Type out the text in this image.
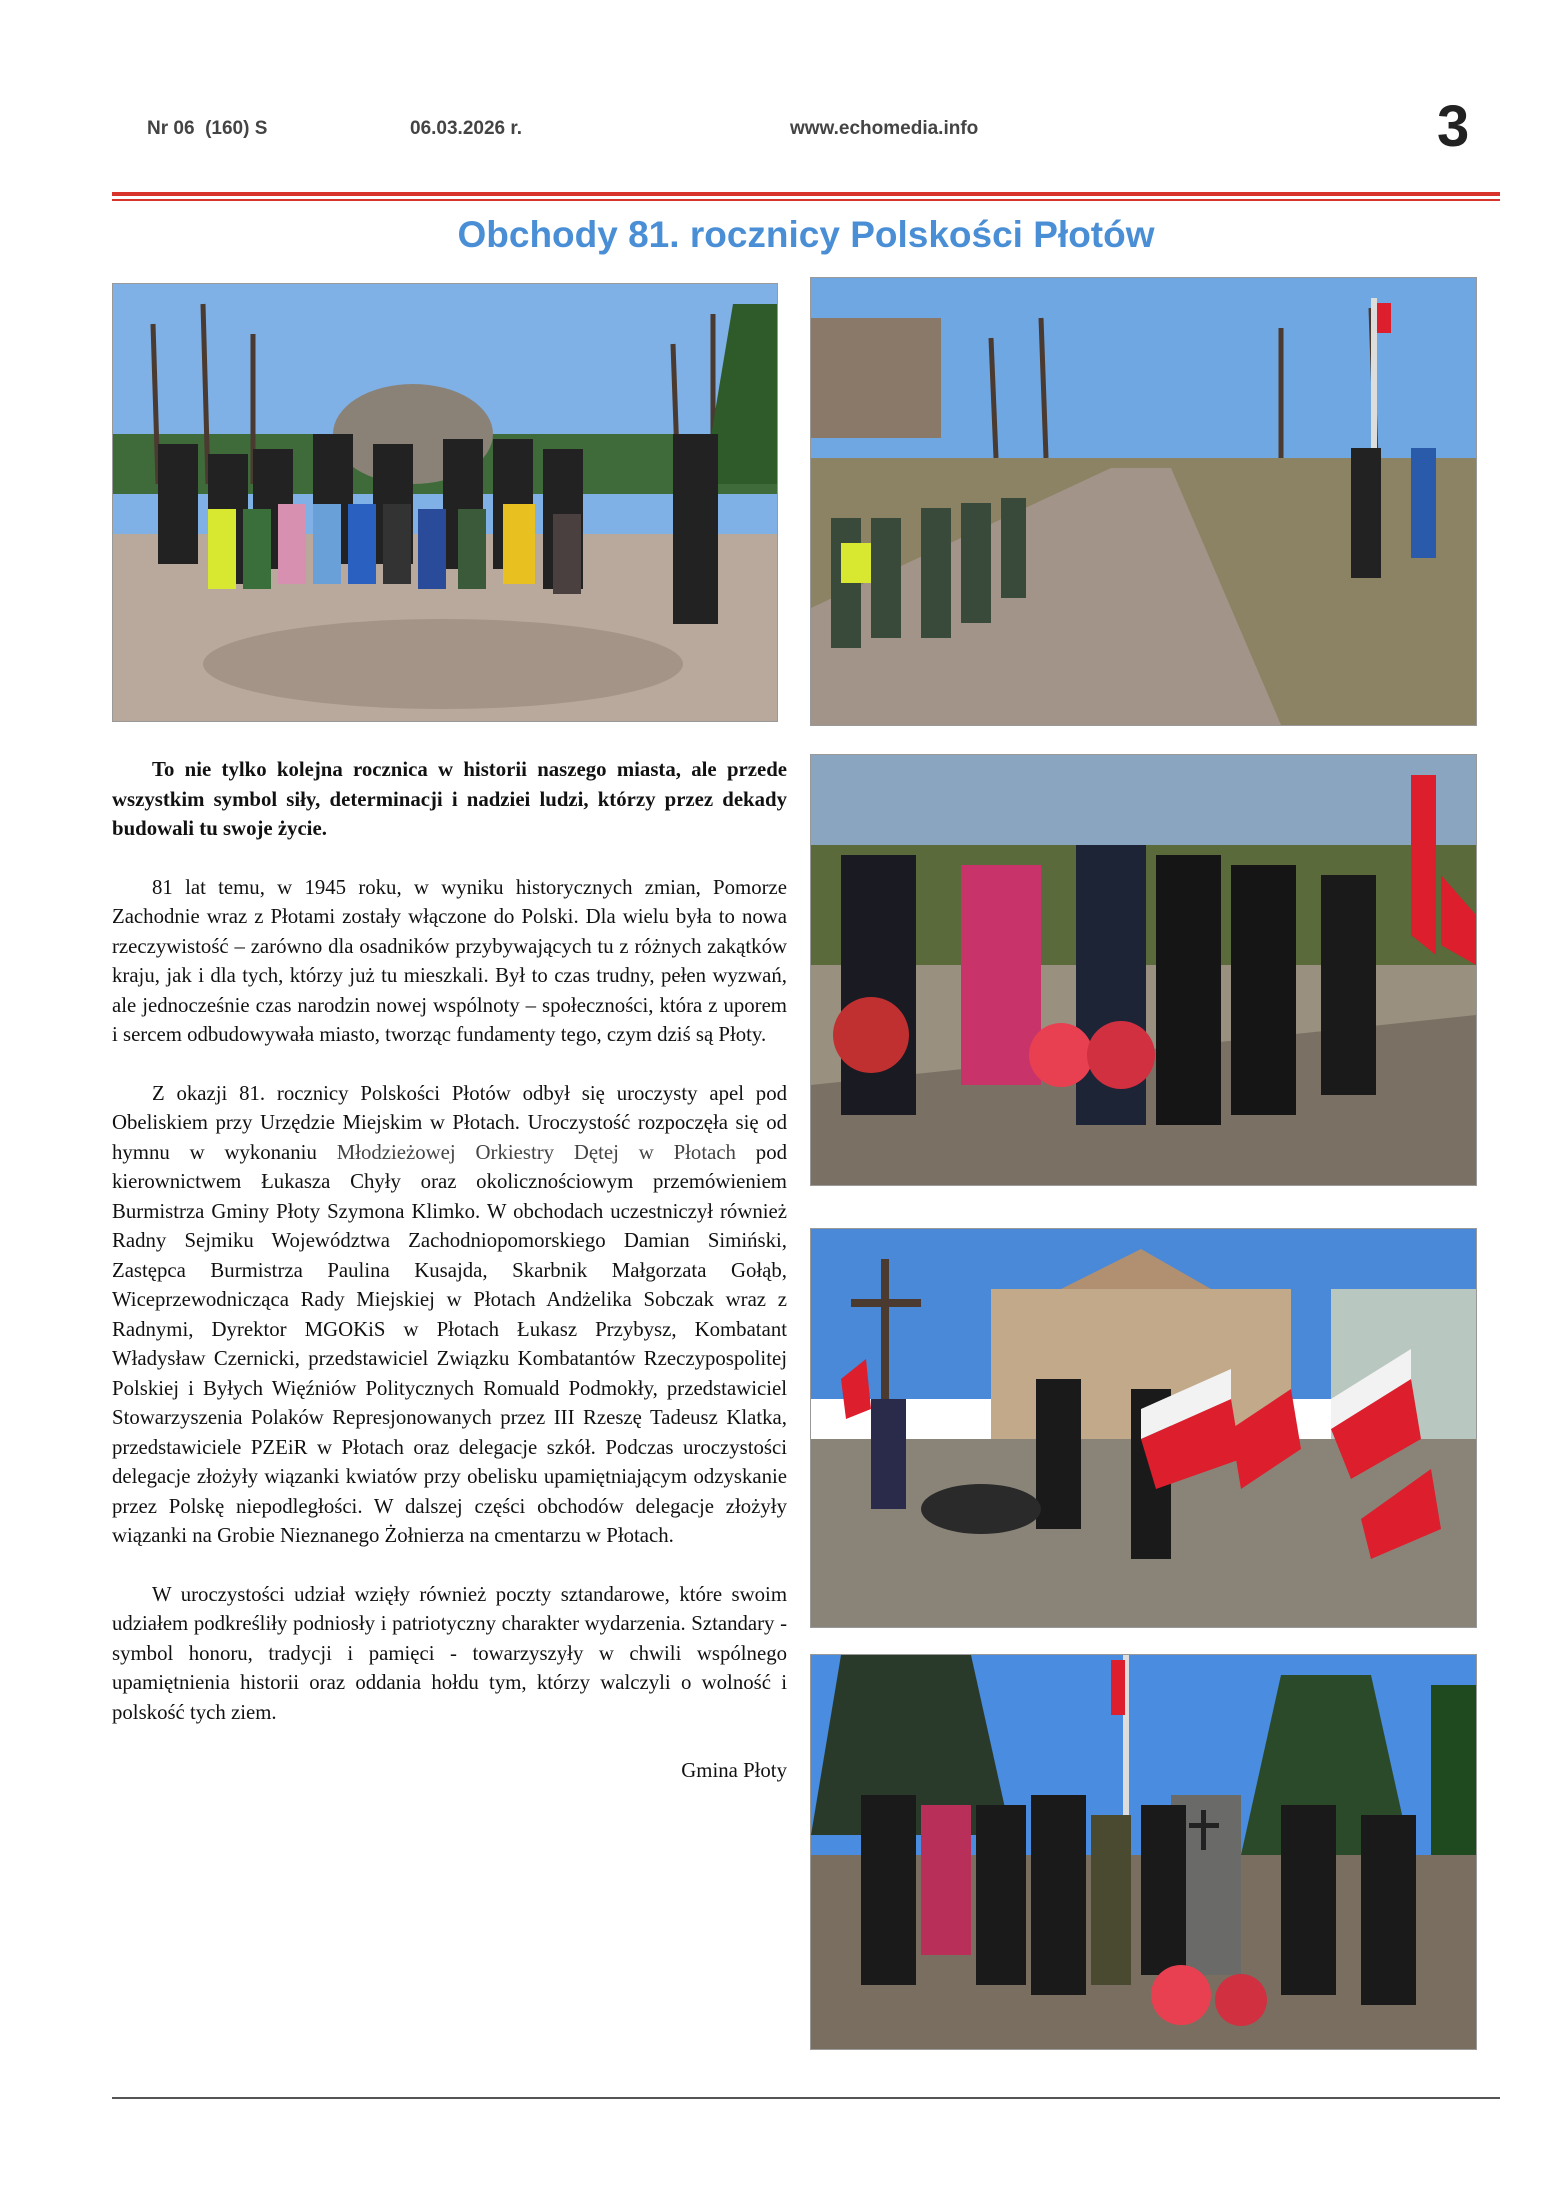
Nr 06  (160) S	06.03.2026 r.	www.echomedia.info	3
Obchody 81. rocznicy Polskości Płotów

To nie tylko kolejna rocznica w historii naszego miasta, ale przede wszystkim symbol siły, determinacji i nadziei ludzi, którzy przez dekady budowali tu swoje życie.

81 lat temu, w 1945 roku, w wyniku historycznych zmian, Pomorze Zachodnie wraz z Płotami zostały włączone do Polski. Dla wielu była to nowa rzeczywistość – zarówno dla osadników przybywających tu z różnych zakątków kraju, jak i dla tych, którzy już tu mieszkali. Był to czas trudny, pełen wyzwań, ale jednocześnie czas narodzin nowej wspólnoty – społeczności, która z uporem i sercem odbudowywała miasto, tworząc fundamenty tego, czym dziś są Płoty.

Z okazji 81. rocznicy Polskości Płotów odbył się uroczysty apel pod Obeliskiem przy Urzędzie Miejskim w Płotach. Uroczystość rozpoczęła się od hymnu w wykonaniu Młodzieżowej Orkiestry Dętej w Płotach pod kierownictwem Łukasza Chyły oraz okolicznościowym przemówieniem Burmistrza Gminy Płoty Szymona Klimko. W obchodach uczestniczył również Radny Sejmiku Województwa Zachodniopomorskiego Damian Simiński, Zastępca Burmistrza Paulina Kusajda, Skarbnik Małgorzata Gołąb, Wiceprzewodnicząca Rady Miejskiej w Płotach Andżelika Sobczak wraz z Radnymi, Dyrektor MGOKiS w Płotach Łukasz Przybysz, Kombatant Władysław Czernicki, przedstawiciel Związku Kombatantów Rzeczypospolitej Polskiej i Byłych Więźniów Politycznych Romuald Podmokły, przedstawiciel Stowarzyszenia Polaków Represjonowanych przez III Rzeszę Tadeusz Klatka, przedstawiciele PZEiR w Płotach oraz delegacje szkół. Podczas uroczystości delegacje złożyły wiązanki kwiatów przy obelisku upamiętniającym odzyskanie przez Polskę niepodległości. W dalszej części obchodów delegacje złożyły wiązanki na Grobie Nieznanego Żołnierza na cmentarzu w Płotach.

W uroczystości udział wzięły również poczty sztandarowe, które swoim udziałem podkreśliły podniosły i patriotyczny charakter wydarzenia. Sztandary - symbol honoru, tradycji i pamięci - towarzyszyły w chwili wspólnego upamiętnienia historii oraz oddania hołdu tym, którzy walczyli o wolność i polskość tych ziem.

Gmina Płoty
